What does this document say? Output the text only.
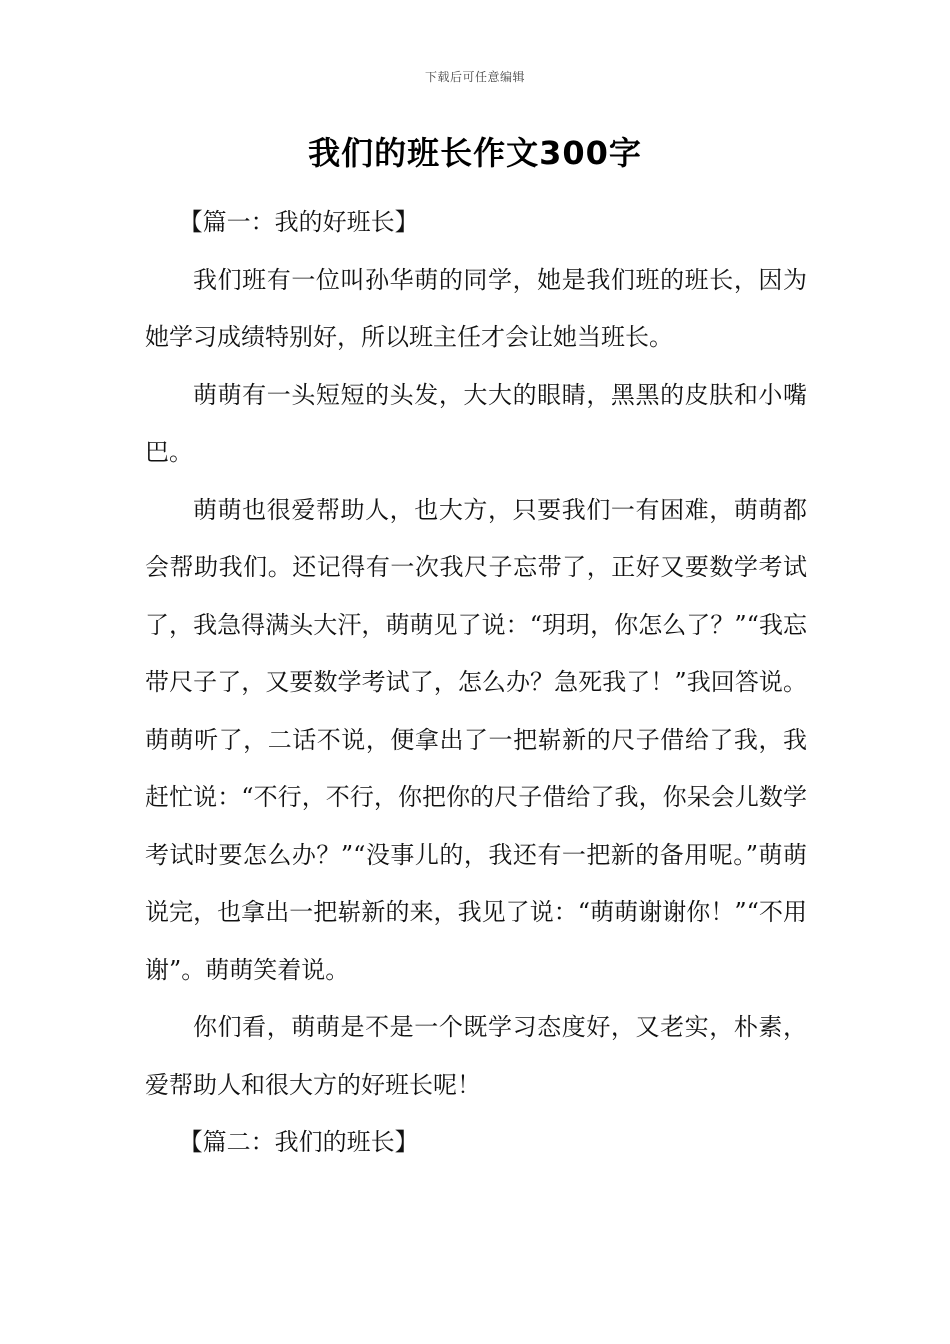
下载后可任意编辑
我们的班长作文300字

【篇一：我的好班长】

我们班有一位叫孙华萌的同学，她是我们班的班长，因为她学习成绩特别好，所以班主任才会让她当班长。

萌萌有一头短短的头发，大大的眼睛，黑黑的皮肤和小嘴巴。

萌萌也很爱帮助人，也大方，只要我们一有困难，萌萌都会帮助我们。还记得有一次我尺子忘带了，正好又要数学考试了，我急得满头大汗，萌萌见了说：“玥玥，你怎么了？”“我忘带尺子了，又要数学考试了，怎么办？急死我了！”我回答说。萌萌听了，二话不说，便拿出了一把崭新的尺子借给了我，我赶忙说：“不行，不行，你把你的尺子借给了我，你呆会儿数学考试时要怎么办？”“没事儿的，我还有一把新的备用呢。”萌萌说完，也拿出一把崭新的来，我见了说：“萌萌谢谢你！”“不用谢”。萌萌笑着说。

你们看，萌萌是不是一个既学习态度好，又老实，朴素，爱帮助人和很大方的好班长呢！

【篇二：我们的班长】
